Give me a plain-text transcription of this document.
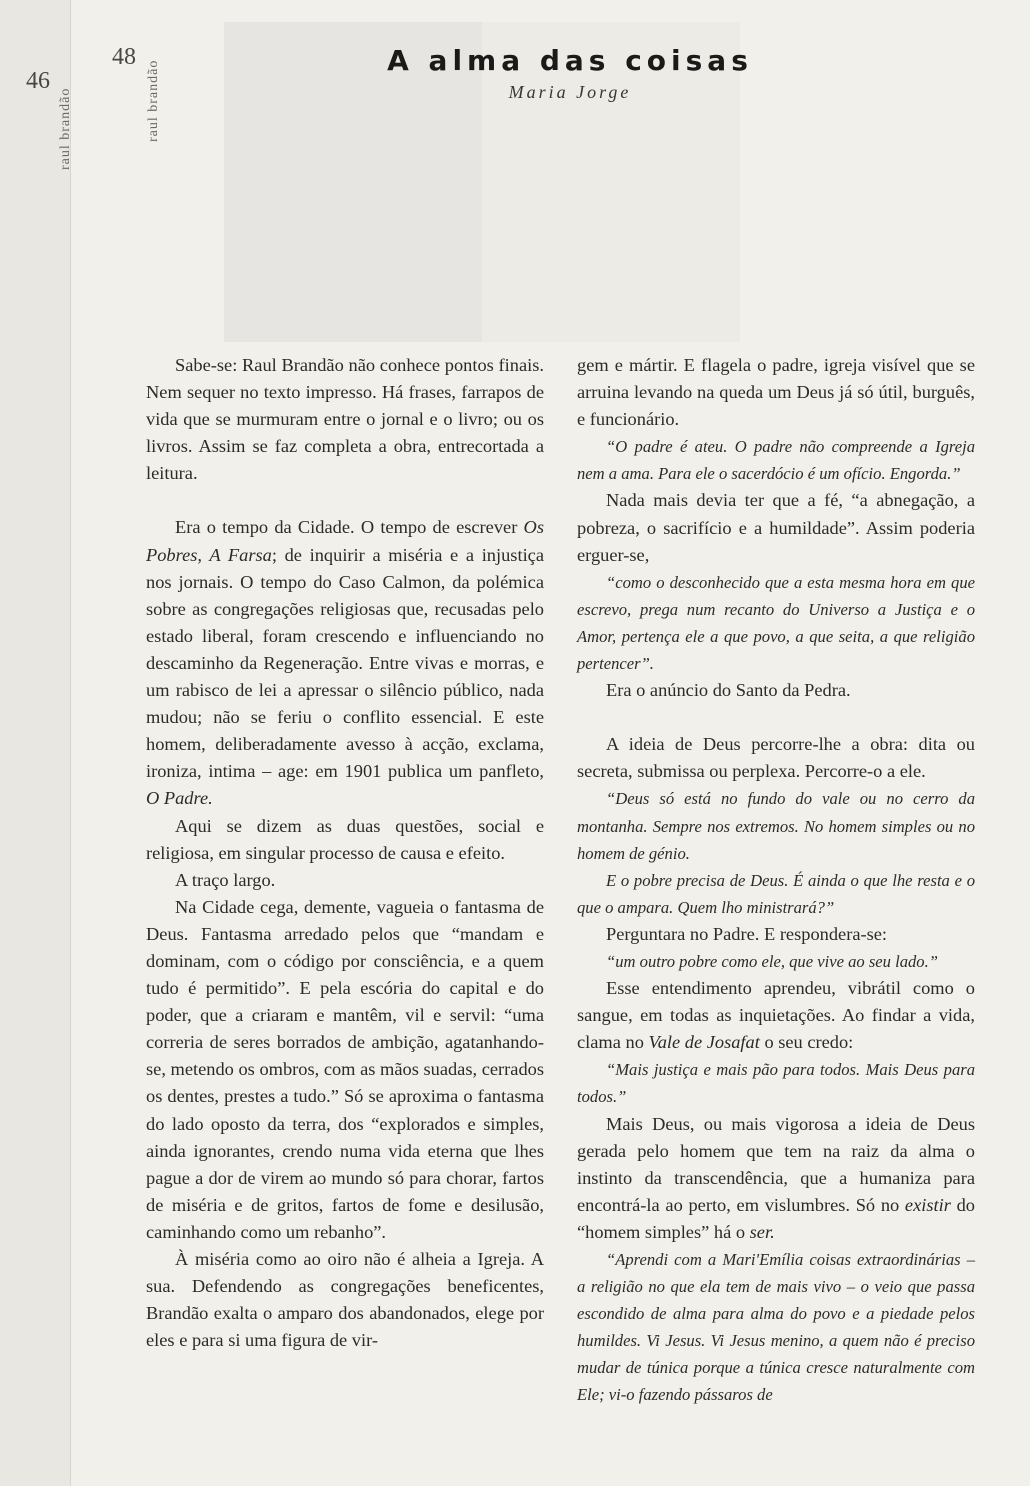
46
raul brandão
48
raul brandão	A alma das coisas
Maria Jorge

Sabe-se: Raul Brandão não conhece pontos finais. Nem sequer no texto impresso. Há frases, farrapos de vida que se murmuram entre o jornal e o livro; ou os livros. Assim se faz completa a obra, entrecortada a leitura.

Era o tempo da Cidade. O tempo de escrever Os Pobres, A Farsa; de inquirir a miséria e a injustiça nos jornais. O tempo do Caso Calmon, da polémica sobre as congregações religiosas que, recusadas pelo estado liberal, foram crescendo e influenciando no descaminho da Regeneração. Entre vivas e morras, e um rabisco de lei a apressar o silêncio público, nada mudou; não se feriu o conflito essencial. E este homem, deliberadamente avesso à acção, exclama, ironiza, intima – age: em 1901 publica um panfleto, O Padre.

Aqui se dizem as duas questões, social e religiosa, em singular processo de causa e efeito.

A traço largo.

Na Cidade cega, demente, vagueia o fantasma de Deus. Fantasma arredado pelos que “mandam e dominam, com o código por consciência, e a quem tudo é permitido”. E pela escória do capital e do poder, que a criaram e mantêm, vil e servil: “uma correria de seres borrados de ambição, agatanhando-se, metendo os ombros, com as mãos suadas, cerrados os dentes, prestes a tudo.” Só se aproxima o fantasma do lado oposto da terra, dos “explorados e simples, ainda ignorantes, crendo numa vida eterna que lhes pague a dor de virem ao mundo só para chorar, fartos de miséria e de gritos, fartos de fome e desilusão, caminhando como um rebanho”.

À miséria como ao oiro não é alheia a Igreja. A sua. Defendendo as congregações beneficentes, Brandão exalta o amparo dos abandonados, elege por eles e para si uma figura de vir-

gem e mártir. E flagela o padre, igreja visível que se arruina levando na queda um Deus já só útil, burguês, e funcionário.

“O padre é ateu. O padre não compreende a Igreja nem a ama. Para ele o sacerdócio é um ofício. Engorda.”

Nada mais devia ter que a fé, “a abnegação, a pobreza, o sacrifício e a humildade”. Assim poderia erguer-se,

“como o desconhecido que a esta mesma hora em que escrevo, prega num recanto do Universo a Justiça e o Amor, pertença ele a que povo, a que seita, a que religião pertencer”.

Era o anúncio do Santo da Pedra.

A ideia de Deus percorre-lhe a obra: dita ou secreta, submissa ou perplexa. Percorre-o a ele.

“Deus só está no fundo do vale ou no cerro da montanha. Sempre nos extremos. No homem simples ou no homem de génio.

E o pobre precisa de Deus. É ainda o que lhe resta e o que o ampara. Quem lho ministrará?”

Perguntara no Padre. E respondera-se:

“um outro pobre como ele, que vive ao seu lado.”

Esse entendimento aprendeu, vibrátil como o sangue, em todas as inquietações. Ao findar a vida, clama no Vale de Josafat o seu credo:

“Mais justiça e mais pão para todos. Mais Deus para todos.”

Mais Deus, ou mais vigorosa a ideia de Deus gerada pelo homem que tem na raiz da alma o instinto da transcendência, que a humaniza para encontrá-la ao perto, em vislumbres. Só no existir do “homem simples” há o ser.

“Aprendi com a Mari'Emília coisas extraordinárias – a religião no que ela tem de mais vivo – o veio que passa escondido de alma para alma do povo e a piedade pelos humildes. Vi Jesus. Vi Jesus menino, a quem não é preciso mudar de túnica porque a túnica cresce naturalmente com Ele; vi-o fazendo pássaros de
